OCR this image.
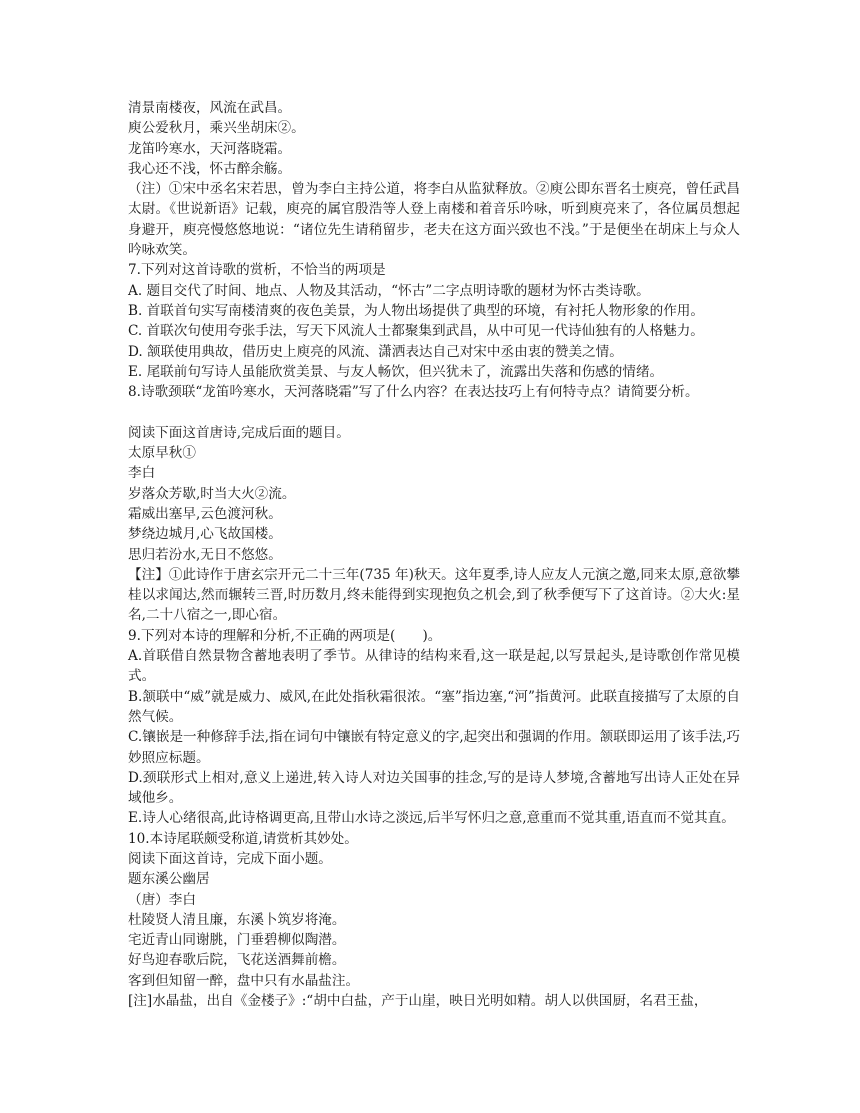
清景南楼夜，风流在武昌。
庾公爱秋月，乘兴坐胡床②。
龙笛吟寒水，天河落晓霜。
我心还不浅，怀古醉余觞。
（注）①宋中丞名宋若思，曾为李白主持公道，将李白从监狱释放。②庾公即东晋名士庾亮，曾任武昌太尉。《世说新语》记载，庾亮的属官殷浩等人登上南楼和着音乐吟咏，听到庾亮来了，各位属员想起身避开，庾亮慢悠悠地说：“诸位先生请稍留步，老夫在这方面兴致也不浅。”于是便坐在胡床上与众人吟咏欢笑。
7.下列对这首诗歌的赏析，不恰当的两项是
A. 题目交代了时间、地点、人物及其活动，“怀古”二字点明诗歌的题材为怀古类诗歌。
B. 首联首句实写南楼清爽的夜色美景，为人物出场提供了典型的环境，有衬托人物形象的作用。
C. 首联次句使用夸张手法，写天下风流人士都聚集到武昌，从中可见一代诗仙独有的人格魅力。
D. 颔联使用典故，借历史上庾亮的风流、潇洒表达自己对宋中丞由衷的赞美之情。
E. 尾联前句写诗人虽能欣赏美景、与友人畅饮，但兴犹未了，流露出失落和伤感的情绪。
8.诗歌颈联“龙笛吟寒水，天河落晓霜”写了什么内容？在表达技巧上有何特寺点？请简要分析。
阅读下面这首唐诗,完成后面的题目。
太原早秋①
李白
岁落众芳歇,时当大火②流。
霜威出塞早,云色渡河秋。
梦绕边城月,心飞故国楼。
思归若汾水,无日不悠悠。
【注】①此诗作于唐玄宗开元二十三年(735 年)秋天。这年夏季,诗人应友人元演之邀,同来太原,意欲攀桂以求闻达,然而辗转三晋,时历数月,终未能得到实现抱负之机会,到了秋季便写下了这首诗。②大火:星名,二十八宿之一,即心宿。
9.下列对本诗的理解和分析,不正确的两项是(　　)。
A.首联借自然景物含蓄地表明了季节。从律诗的结构来看,这一联是起,以写景起头,是诗歌创作常见模式。
B.颔联中“威”就是威力、威风,在此处指秋霜很浓。“塞”指边塞,“河”指黄河。此联直接描写了太原的自然气候。
C.镶嵌是一种修辞手法,指在词句中镶嵌有特定意义的字,起突出和强调的作用。颔联即运用了该手法,巧妙照应标题。
D.颈联形式上相对,意义上递进,转入诗人对边关国事的挂念,写的是诗人梦境,含蓄地写出诗人正处在异域他乡。
E.诗人心绪很高,此诗格调更高,且带山水诗之淡远,后半写怀归之意,意重而不觉其重,语直而不觉其直。
10.本诗尾联颇受称道,请赏析其妙处。
阅读下面这首诗，完成下面小题。
题东溪公幽居
（唐）李白
杜陵贤人清且廉，东溪卜筑岁将淹。
宅近青山同谢朓，门垂碧柳似陶潜。
好鸟迎春歌后院，飞花送酒舞前檐。
客到但知留一醉，盘中只有水晶盐注。
[注]水晶盐，出自《金楼子》:“胡中白盐，产于山崖，映日光明如精。胡人以供国厨，名君王盐，
